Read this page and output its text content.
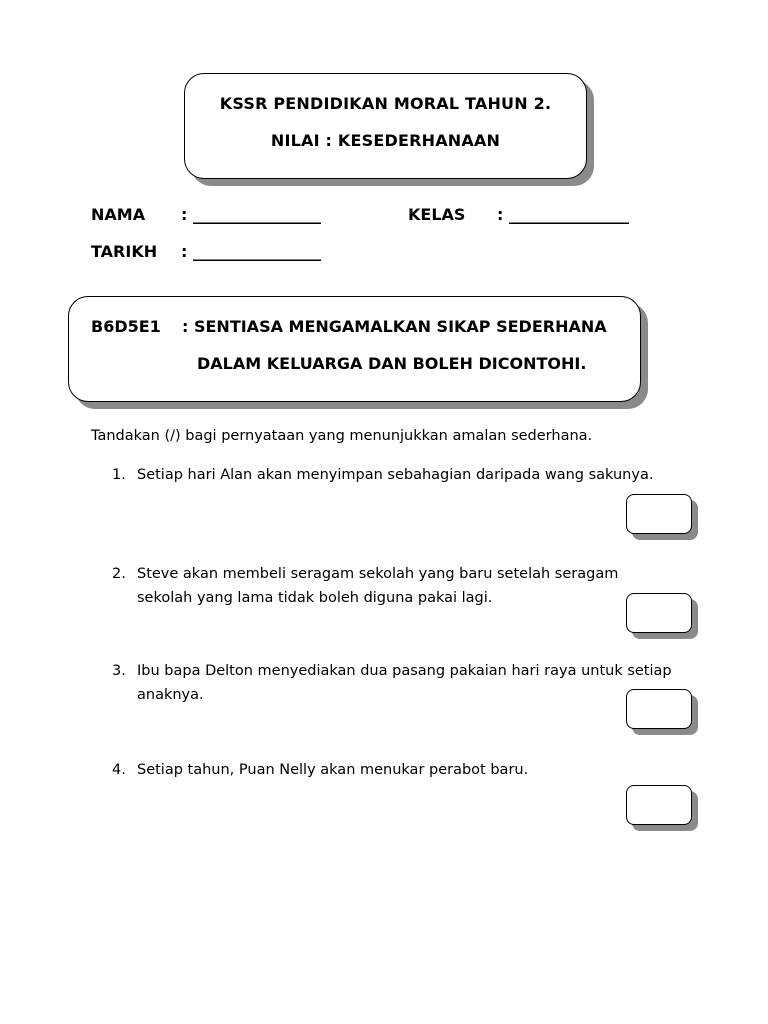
KSSR PENDIDIKAN MORAL TAHUN 2.
NILAI : KESEDERHANAAN
NAMA : ________________	KELAS : _______________
TARIKH : ________________
B6D5E1 : SENTIASA MENGAMALKAN SIKAP SEDERHANA
DALAM KELUARGA DAN BOLEH DICONTOHI.
Tandakan (/) bagi pernyataan yang menunjukkan amalan sederhana.
1. Setiap hari Alan akan menyimpan sebahagian daripada wang sakunya.
2. Steve akan membeli seragam sekolah yang baru setelah seragam sekolah yang lama tidak boleh diguna pakai lagi.
3. Ibu bapa Delton menyediakan dua pasang pakaian hari raya untuk setiap anaknya.
4. Setiap tahun, Puan Nelly akan menukar perabot baru.
